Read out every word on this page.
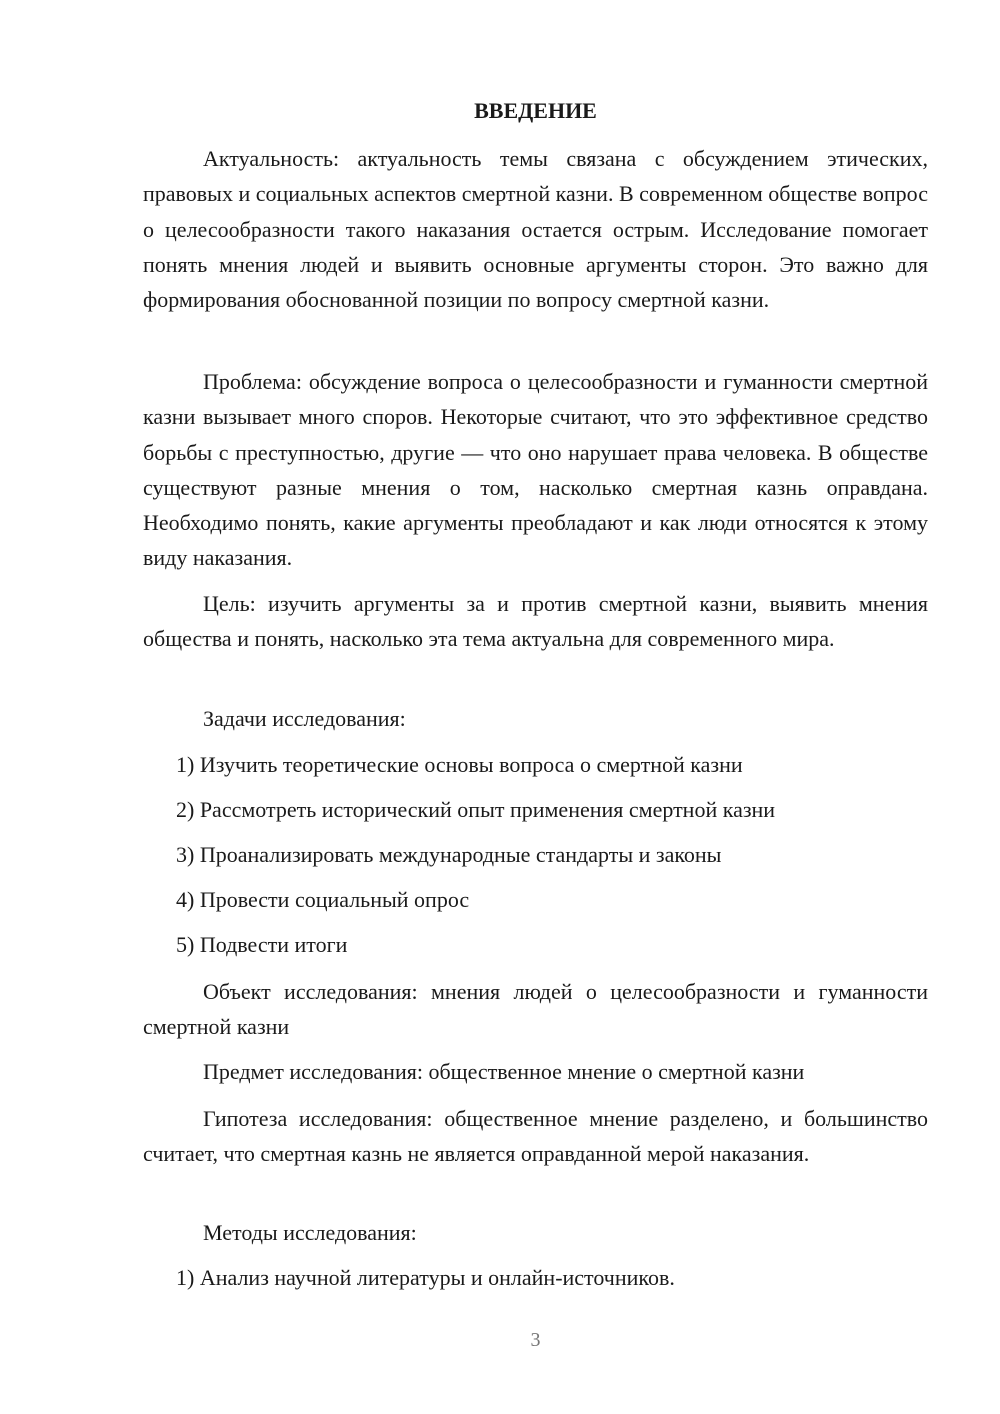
ВВЕДЕНИЕ

Актуальность: актуальность темы связана с обсуждением этических, правовых и социальных аспектов смертной казни. В современном обществе вопрос о целесообразности такого наказания остается острым. Исследование помогает понять мнения людей и выявить основные аргументы сторон. Это важно для формирования обоснованной позиции по вопросу смертной казни.

Проблема: обсуждение вопроса о целесообразности и гуманности смертной казни вызывает много споров. Некоторые считают, что это эффективное средство борьбы с преступностью, другие — что оно нарушает права человека. В обществе существуют разные мнения о том, насколько смертная казнь оправдана. Необходимо понять, какие аргументы преобладают и как люди относятся к этому виду наказания.

Цель: изучить аргументы за и против смертной казни, выявить мнения общества и понять, насколько эта тема актуальна для современного мира.

Задачи исследования:

1) Изучить теоретические основы вопроса о смертной казни

2) Рассмотреть исторический опыт применения смертной казни

3) Проанализировать международные стандарты и законы

4) Провести социальный опрос

5) Подвести итоги

Объект исследования: мнения людей о целесообразности и гуманности смертной казни

Предмет исследования: общественное мнение о смертной казни

Гипотеза исследования: общественное мнение разделено, и большинство считает, что смертная казнь не является оправданной мерой наказания.

Методы исследования:

1) Анализ научной литературы и онлайн-источников.

3
